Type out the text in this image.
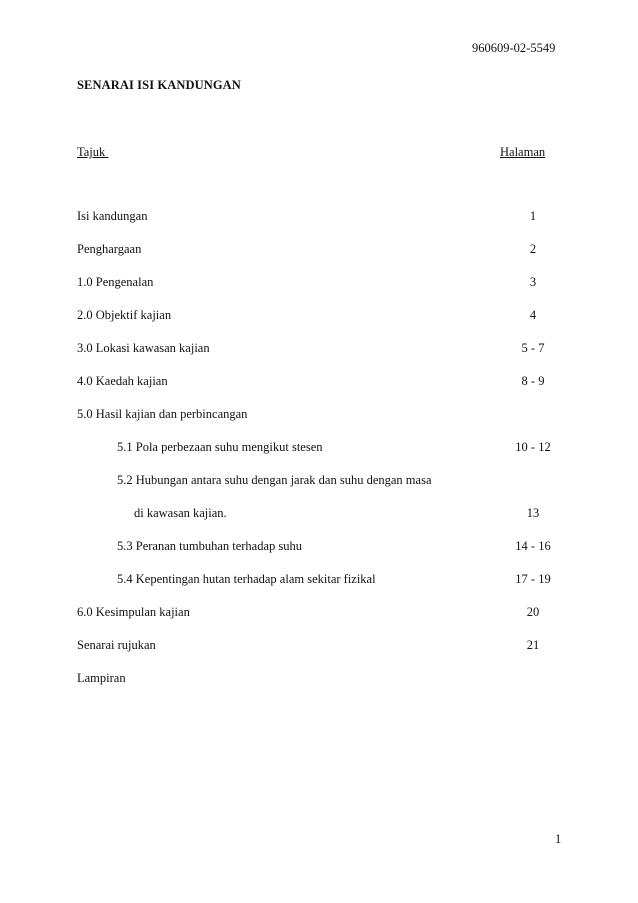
960609-02-5549
SENARAI ISI KANDUNGAN
Tajuk	Halaman
Isi kandungan	1
Penghargaan	2
1.0 Pengenalan	3
2.0 Objektif kajian	4
3.0 Lokasi kawasan kajian	5 - 7
4.0 Kaedah kajian	8 - 9
5.0 Hasil kajian dan perbincangan
5.1 Pola perbezaan suhu mengikut stesen	10 - 12
5.2 Hubungan antara suhu dengan jarak dan suhu dengan masa
di kawasan kajian.	13
5.3 Peranan tumbuhan terhadap suhu	14 - 16
5.4 Kepentingan hutan terhadap alam sekitar fizikal	17 - 19
6.0 Kesimpulan kajian	20
Senarai rujukan	21
Lampiran
1
